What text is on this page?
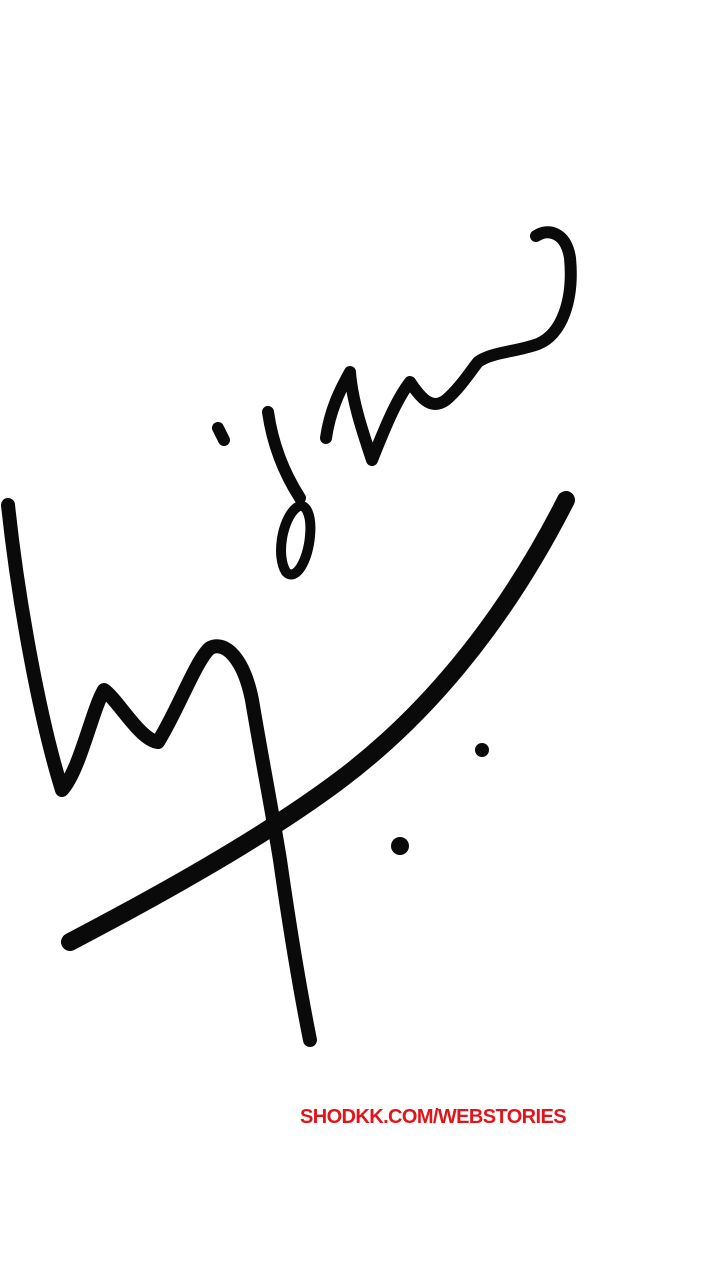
SHODKK.COM/WEBSTORIES
